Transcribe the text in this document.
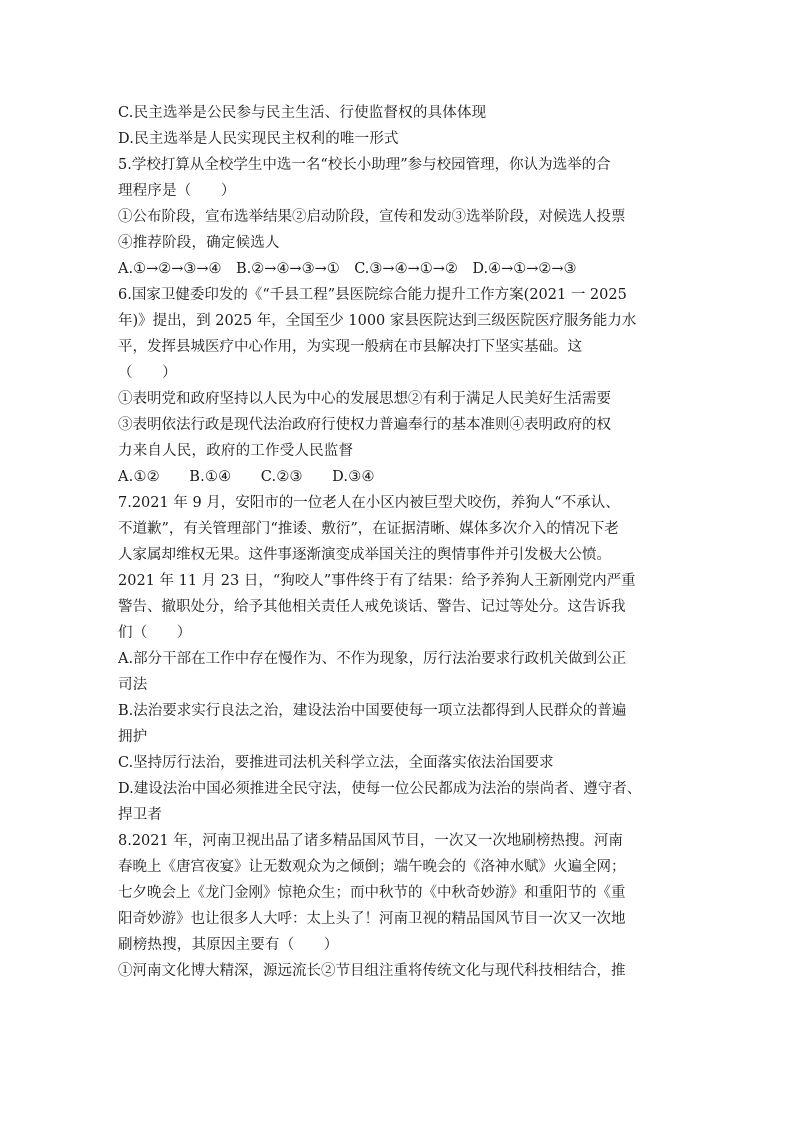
C.民主选举是公民参与民主生活、行使监督权的具体体现
D.民主选举是人民实现民主权利的唯一形式
5.学校打算从全校学生中选一名“校长小助理”参与校园管理，你认为选举的合
理程序是（　　）
①公布阶段，宣布选举结果②启动阶段，宣传和发动③选举阶段，对候选人投票
④推荐阶段，确定候选人
A.①→②→③→④　B.②→④→③→①　C.③→④→①→②　D.④→①→②→③
6.国家卫健委印发的《“千县工程”县医院综合能力提升工作方案(2021 一 2025
年)》提出，到 2025 年，全国至少 1000 家县医院达到三级医院医疗服务能力水
平，发挥县城医疗中心作用，为实现一般病在市县解决打下坚实基础。这
（　　）
①表明党和政府坚持以人民为中心的发展思想②有利于满足人民美好生活需要
③表明依法行政是现代法治政府行使权力普遍奉行的基本准则④表明政府的权
力来自人民，政府的工作受人民监督
A.①②　　B.①④　　C.②③　　D.③④
7.2021 年 9 月，安阳市的一位老人在小区内被巨型犬咬伤，养狗人“不承认、
不道歉”，有关管理部门“推诿、敷衍”，在证据清晰、媒体多次介入的情况下老
人家属却维权无果。这件事逐渐演变成举国关注的舆情事件并引发极大公愤。
2021 年 11 月 23 日，“狗咬人”事件终于有了结果：给予养狗人王新刚党内严重
警告、撤职处分，给予其他相关责任人戒免谈话、警告、记过等处分。这告诉我
们（　　）
A.部分干部在工作中存在慢作为、不作为现象，厉行法治要求行政机关做到公正
司法
B.法治要求实行良法之治，建设法治中国要使每一项立法都得到人民群众的普遍
拥护
C.坚持厉行法治，要推进司法机关科学立法，全面落实依法治国要求
D.建设法治中国必须推进全民守法，使每一位公民都成为法治的崇尚者、遵守者、
捍卫者
8.2021 年，河南卫视出品了诸多精品国风节目，一次又一次地刷榜热搜。河南
春晚上《唐宫夜宴》让无数观众为之倾倒；端午晚会的《洛神水赋》火遍全网；
七夕晚会上《龙门金刚》惊艳众生；而中秋节的《中秋奇妙游》和重阳节的《重
阳奇妙游》也让很多人大呼：太上头了！河南卫视的精品国风节目一次又一次地
刷榜热搜，其原因主要有（　　）
①河南文化博大精深，源远流长②节目组注重将传统文化与现代科技相结合，推
